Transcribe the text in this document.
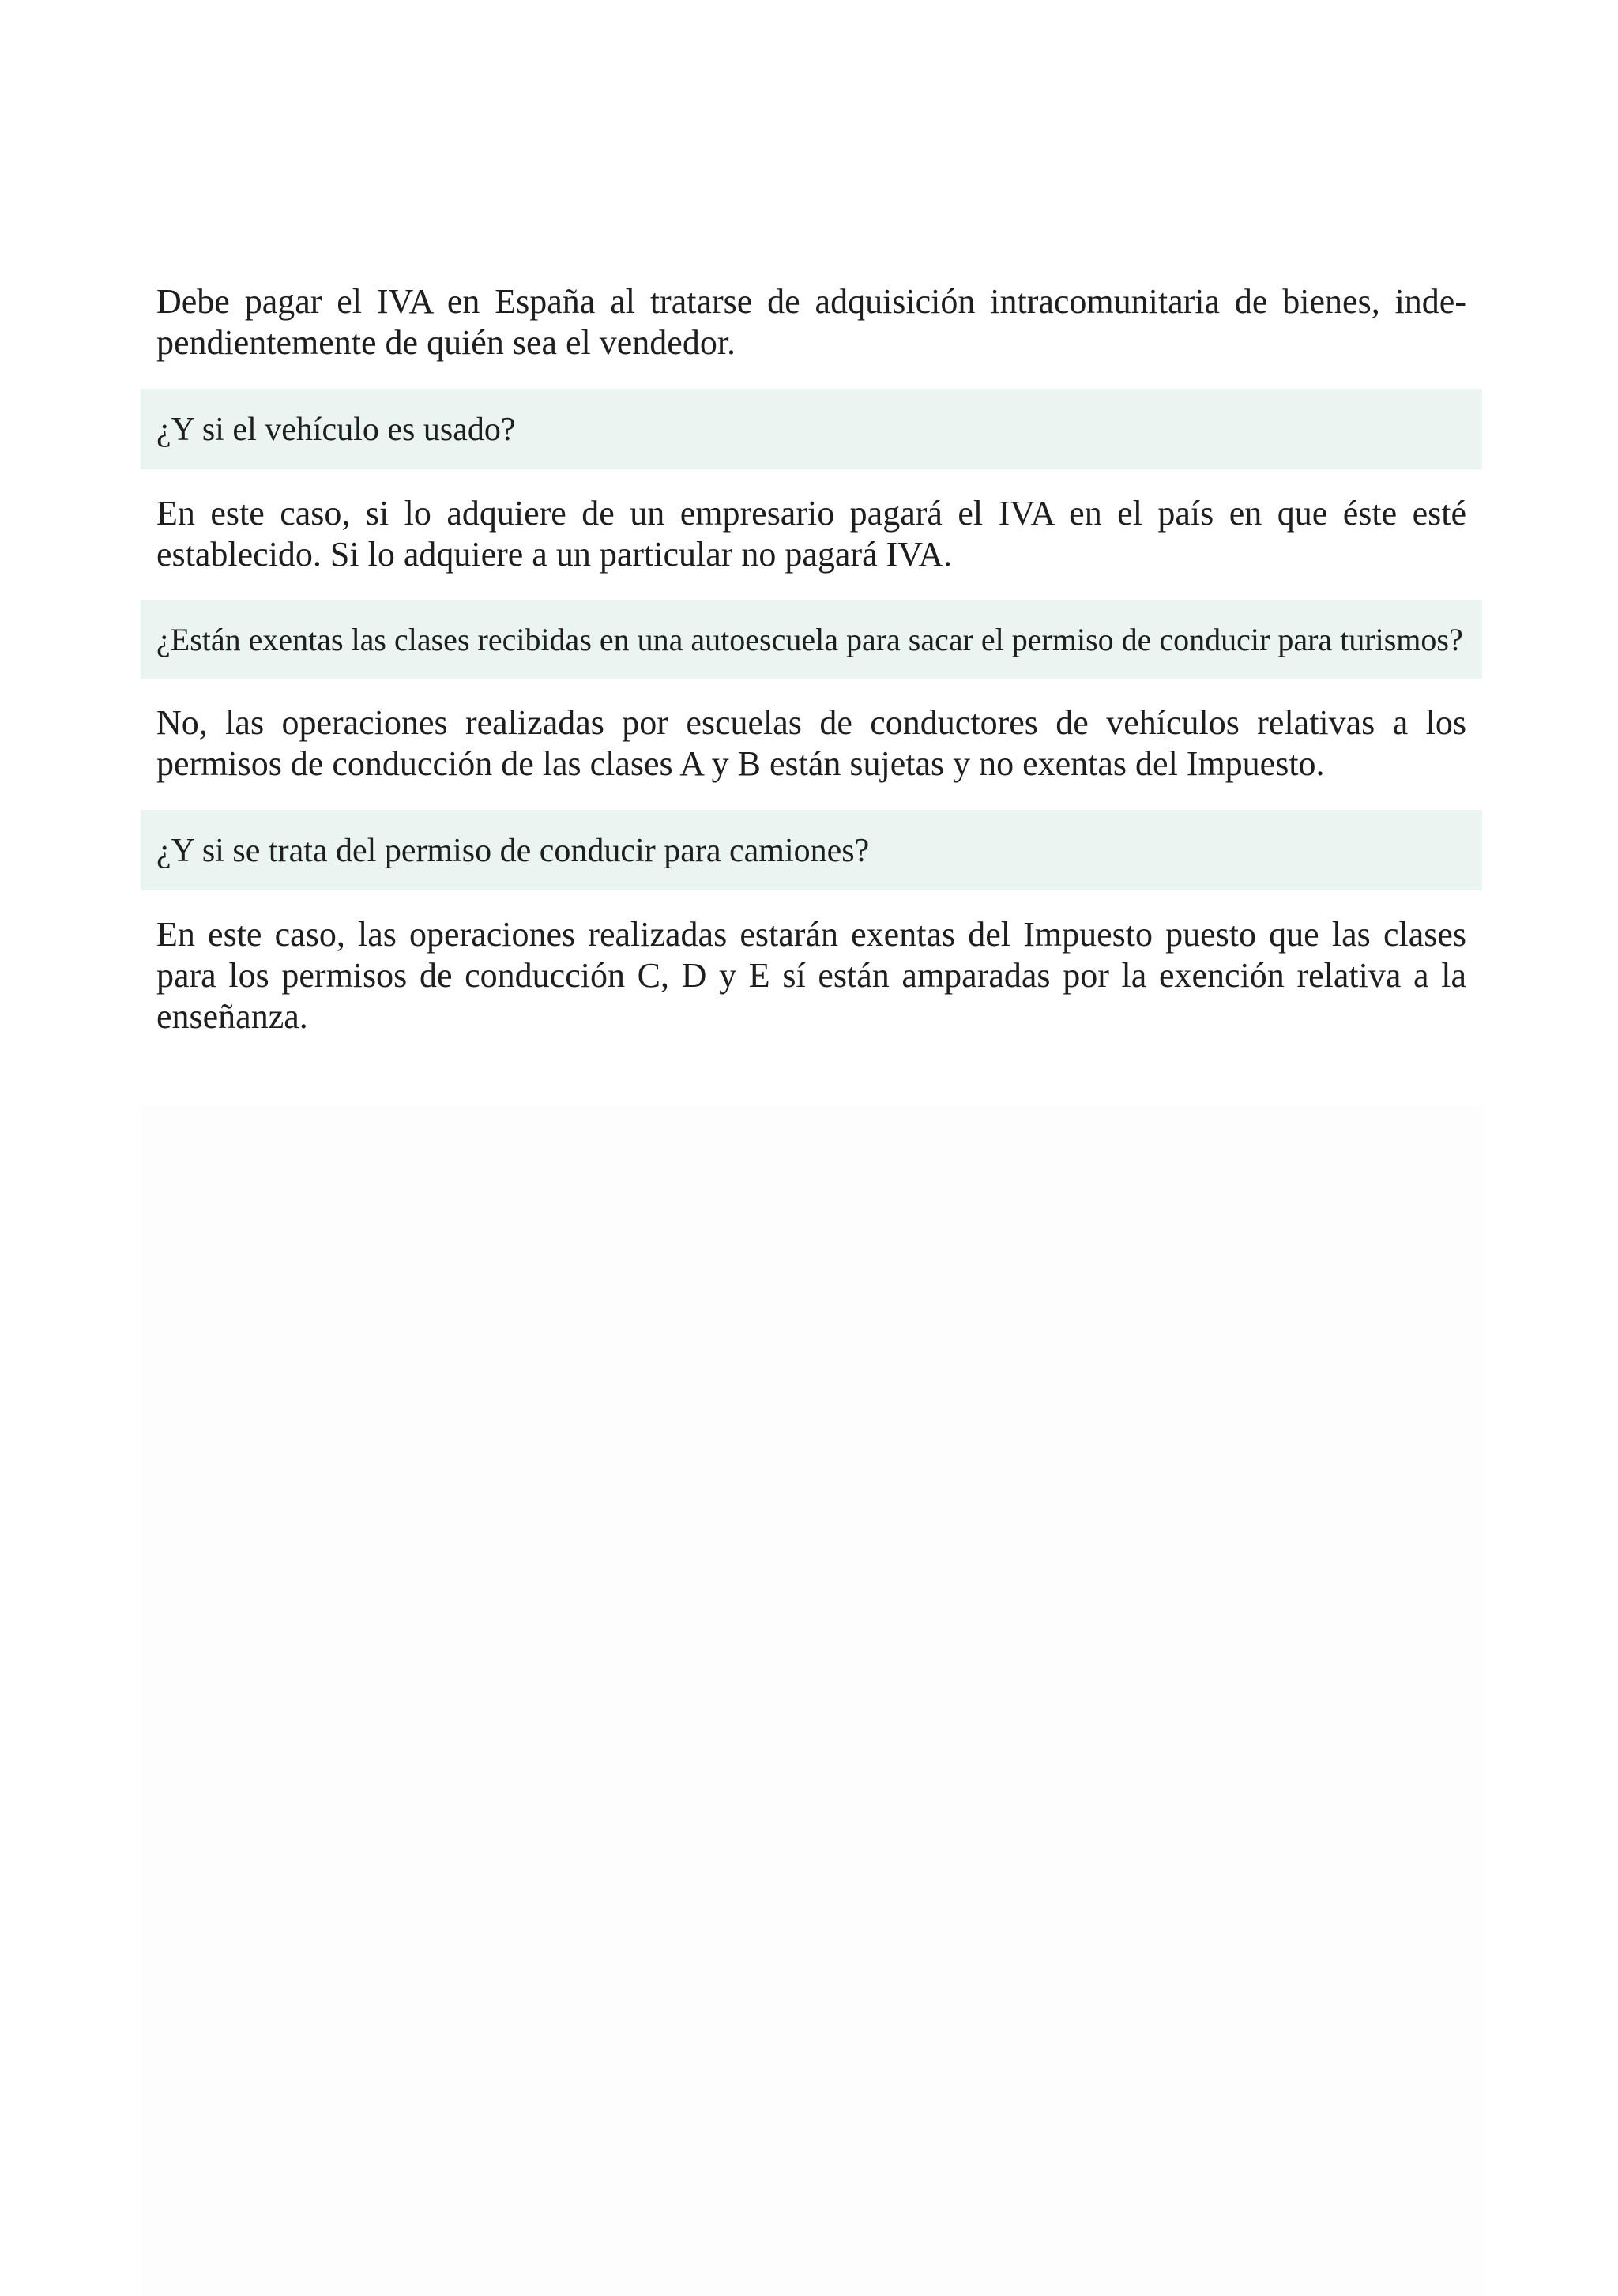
Debe pagar el IVA en España al tratarse de adquisición intracomunitaria de bienes, independientemente de quién sea el vendedor.

¿Y si el vehículo es usado?

En este caso, si lo adquiere de un empresario pagará el IVA en el país en que éste esté establecido. Si lo adquiere a un particular no pagará IVA.

¿Están exentas las clases recibidas en una autoescuela para sacar el permiso de conducir para turismos?

No, las operaciones realizadas por escuelas de conductores de vehículos relativas a los permisos de conducción de las clases A y B están sujetas y no exentas del Impuesto.

¿Y si se trata del permiso de conducir para camiones?

En este caso, las operaciones realizadas estarán exentas del Impuesto puesto que las clases para los permisos de conducción C, D y E sí están amparadas por la exención relativa a la enseñanza.
